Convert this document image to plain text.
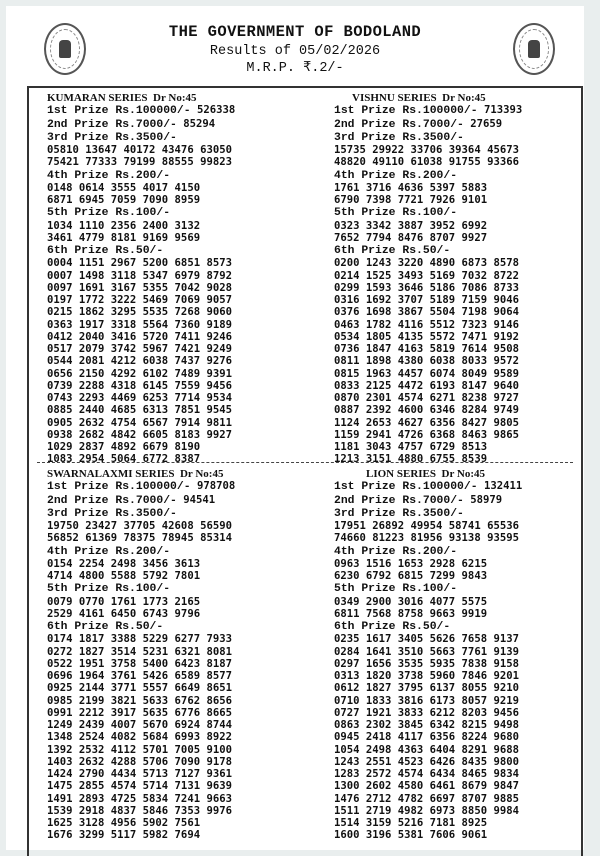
THE GOVERNMENT OF BODOLAND
Results of 05/02/2026
M.R.P. ₹.2/-
KUMARAN SERIES Dr No:45
1st Prize Rs.100000/- 526338
2nd Prize Rs.7000/- 85294
3rd Prize Rs.3500/-
05810 13647 40172 43476 63050
75421 77333 79199 88555 99823
4th Prize Rs.200/-
0148 0614 3555 4017 4150
6871 6945 7059 7090 8959
5th Prize Rs.100/-
1034 1110 2356 2400 3132
3461 4779 8181 9169 9569
6th Prize Rs.50/-
0004 1151 2967 5200 6851 8573
0007 1498 3118 5347 6979 8792
0097 1691 3167 5355 7042 9028
0197 1772 3222 5469 7069 9057
0215 1862 3295 5535 7268 9060
0363 1917 3318 5564 7360 9189
0412 2040 3416 5720 7411 9246
0517 2079 3742 5967 7421 9249
0544 2081 4212 6038 7437 9276
0656 2150 4292 6102 7489 9391
0739 2288 4318 6145 7559 9456
0743 2293 4469 6253 7714 9534
0885 2440 4685 6313 7851 9545
0905 2632 4754 6567 7914 9811
0938 2682 4842 6605 8183 9927
1029 2837 4892 6679 8190
1083 2954 5064 6772 8387
VISHNU SERIES Dr No:45
1st Prize Rs.100000/- 713393
2nd Prize Rs.7000/- 27659
3rd Prize Rs.3500/-
15735 29922 33706 39364 45673
48820 49110 61038 91755 93366
4th Prize Rs.200/-
1761 3716 4636 5397 5883
6790 7398 7721 7926 9101
5th Prize Rs.100/-
0323 3342 3887 3952 6992
7652 7794 8476 8707 9927
6th Prize Rs.50/-
0200 1243 3220 4890 6873 8578
0214 1525 3493 5169 7032 8722
0299 1593 3646 5186 7086 8733
0316 1692 3707 5189 7159 9046
0376 1698 3867 5504 7198 9064
0463 1782 4116 5512 7323 9146
0534 1805 4135 5572 7471 9192
0736 1847 4163 5819 7614 9508
0811 1898 4380 6038 8033 9572
0815 1963 4457 6074 8049 9589
0833 2125 4472 6193 8147 9640
0870 2301 4574 6271 8238 9727
0887 2392 4600 6346 8284 9749
1124 2653 4627 6356 8427 9805
1159 2941 4726 6368 8463 9865
1181 3043 4757 6729 8513
1213 3151 4880 6755 8539
SWARNALAXMI SERIES Dr No:45
1st Prize Rs.100000/- 978708
2nd Prize Rs.7000/- 94541
3rd Prize Rs.3500/-
19750 23427 37705 42608 56590
56852 61369 78375 78945 85314
4th Prize Rs.200/-
0154 2254 2498 3456 3613
4714 4800 5588 5792 7801
5th Prize Rs.100/-
0079 0770 1761 1773 2165
2529 4161 6450 6743 9796
6th Prize Rs.50/-
0174 1817 3388 5229 6277 7933
0272 1827 3514 5231 6321 8081
0522 1951 3758 5400 6423 8187
0696 1964 3761 5426 6589 8577
0925 2144 3771 5557 6649 8651
0985 2199 3821 5633 6762 8656
0991 2212 3917 5635 6776 8665
1249 2439 4007 5670 6924 8744
1348 2524 4082 5684 6993 8922
1392 2532 4112 5701 7005 9100
1403 2632 4288 5706 7090 9178
1424 2790 4434 5713 7127 9361
1475 2855 4574 5714 7131 9639
1491 2893 4725 5834 7241 9663
1539 2918 4837 5846 7353 9976
1625 3128 4956 5902 7561
1676 3299 5117 5982 7694
LION SERIES Dr No:45
1st Prize Rs.100000/- 132411
2nd Prize Rs.7000/- 58979
3rd Prize Rs.3500/-
17951 26892 49954 58741 65536
74660 81223 81956 93138 93595
4th Prize Rs.200/-
0963 1516 1653 2928 6215
6230 6792 6815 7299 9843
5th Prize Rs.100/-
0349 2900 3016 4077 5575
6811 7568 8758 9663 9919
6th Prize Rs.50/-
0235 1617 3405 5626 7658 9137
0284 1641 3510 5663 7761 9139
0297 1656 3535 5935 7838 9158
0313 1820 3738 5960 7846 9201
0612 1827 3795 6137 8055 9210
0710 1833 3816 6173 8057 9219
0727 1921 3833 6212 8203 9456
0863 2302 3845 6342 8215 9498
0945 2418 4117 6356 8224 9680
1054 2498 4363 6404 8291 9688
1243 2551 4523 6426 8435 9800
1283 2572 4574 6434 8465 9834
1300 2602 4580 6461 8679 9847
1476 2712 4782 6697 8707 9885
1511 2719 4982 6973 8850 9984
1514 3159 5216 7181 8925
1600 3196 5381 7606 9061
